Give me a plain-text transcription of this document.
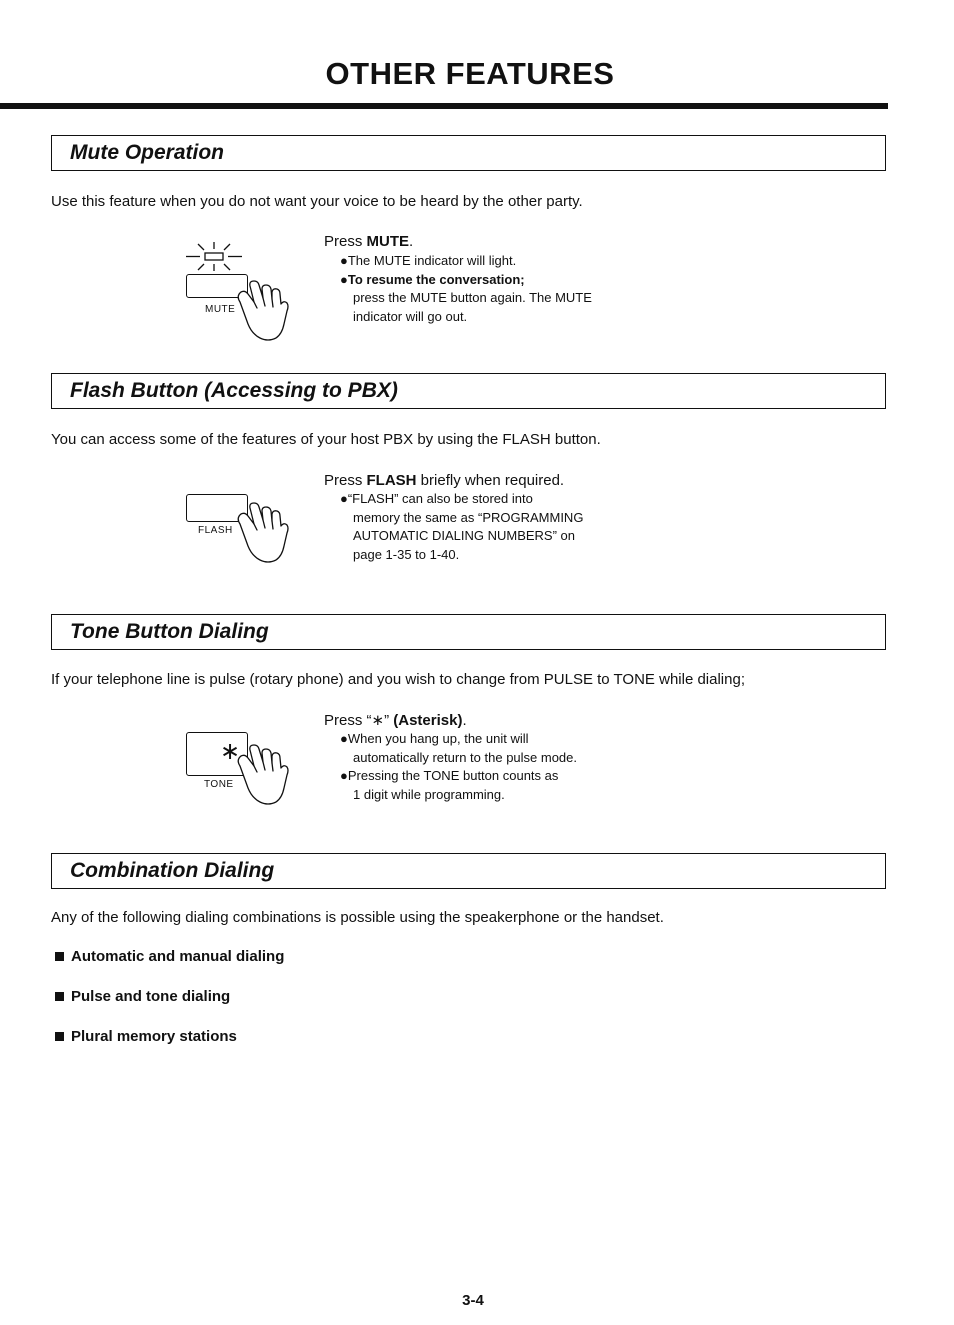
OTHER FEATURES
Mute Operation
Use this feature when you do not want your voice to be heard by the other party.
MUTE
Press MUTE.
●The MUTE indicator will light.
●To resume the conversation;
press the MUTE button again. The MUTE
indicator will go out.
Flash Button (Accessing to PBX)
You can access some of the features of your host PBX by using the FLASH button.
FLASH
Press FLASH briefly when required.
●“FLASH” can also be stored into
memory the same as “PROGRAMMING
AUTOMATIC DIALING NUMBERS” on
page 1-35 to 1-40.
Tone Button Dialing
If your telephone line is pulse (rotary phone) and you wish to change from PULSE to TONE while dialing;
∗
TONE
Press “∗” (Asterisk).
●When you hang up, the unit will
automatically return to the pulse mode.
●Pressing the TONE button counts as
1 digit while programming.
Combination Dialing
Any of the following dialing combinations is possible using the speakerphone or the handset.
Automatic and manual dialing
Pulse and tone dialing
Plural memory stations
3-4
